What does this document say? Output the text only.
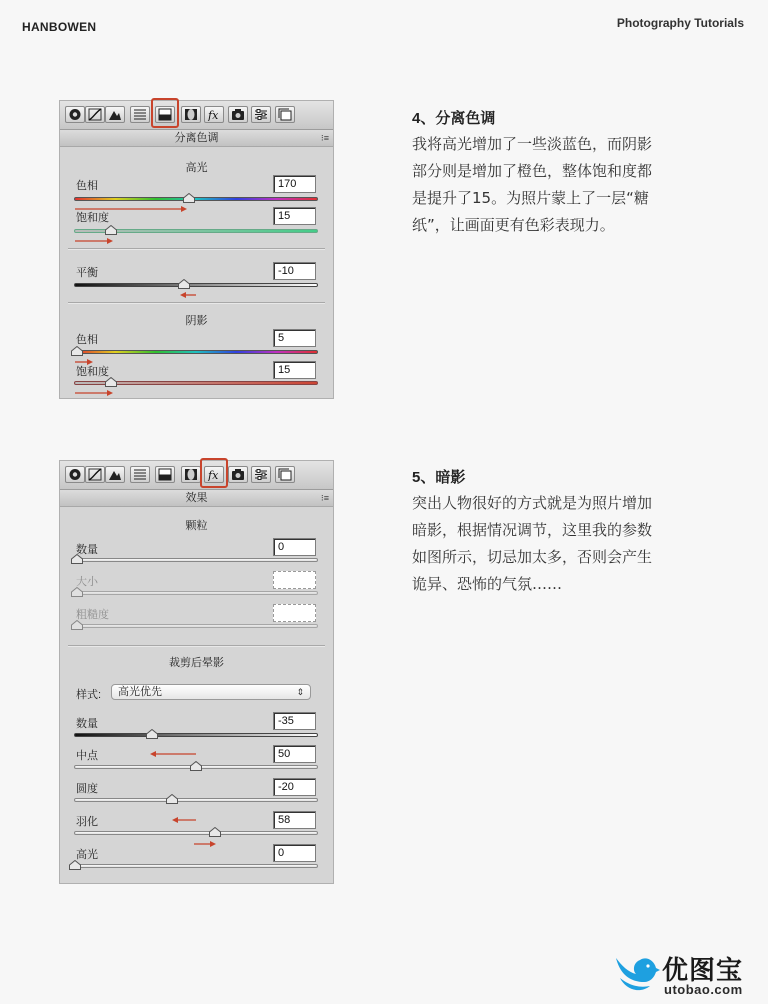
HANBOWEN	Photography Tutorials
fx
分离色调	⁝≡
高光
色相	170
饱和度	15
平衡	-10
阴影
色相	5
饱和度	15
fx
效果	⁝≡
颗粒
数量	0
大小
粗糙度
裁剪后晕影
样式:	高光优先	⇕
数量	-35
中点	50
圆度	-20
羽化	58
高光	0
4、分离色调
我将高光增加了一些淡蓝色，而阴影
部分则是增加了橙色，整体饱和度都
是提升了15。为照片蒙上了一层“糖
纸”，让画面更有色彩表现力。
5、暗影
突出人物很好的方式就是为照片增加
暗影，根据情况调节，这里我的参数
如图所示，切忌加太多，否则会产生
诡异、恐怖的气氛……
优图宝
utobao.com
